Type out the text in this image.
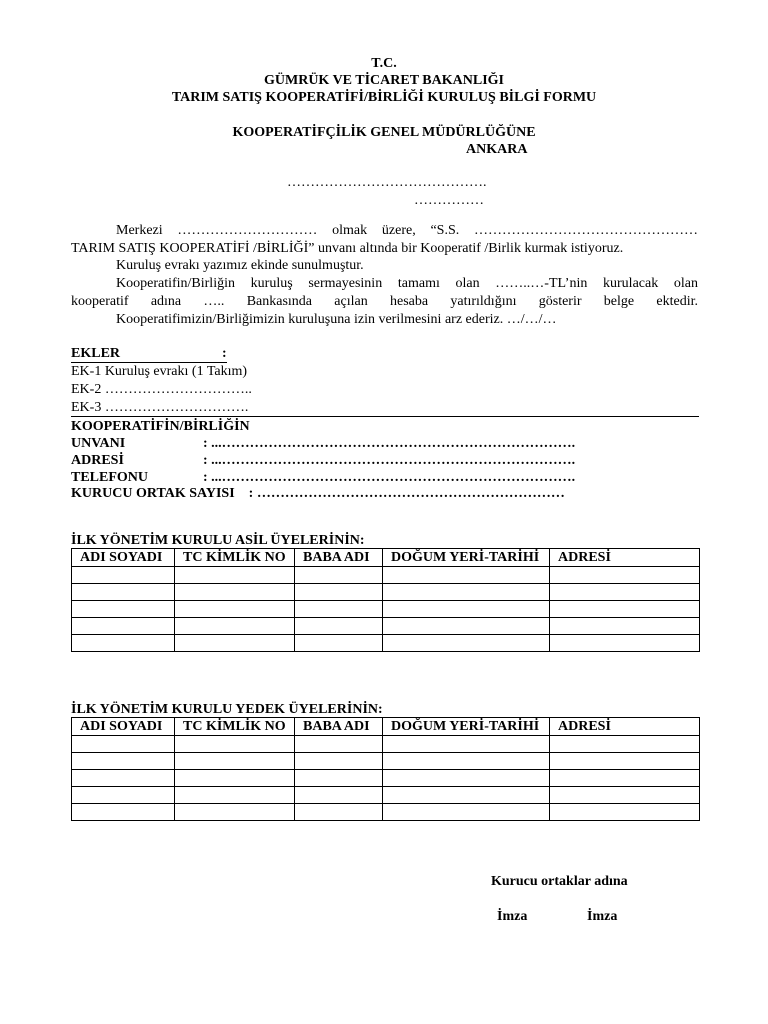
T.C.
GÜMRÜK VE TİCARET BAKANLIĞI
TARIM SATIŞ KOOPERATİFİ/BİRLİĞİ KURULUŞ BİLGİ FORMU
KOOPERATİFÇİLİK GENEL MÜDÜRLÜĞÜNE
ANKARA
…………………………………….
……………
Merkezi ………………………… olmak üzere, “S.S. …………………………………………
TARIM SATIŞ KOOPERATİFİ /BİRLİĞİ” unvanı altında bir Kooperatif /Birlik kurmak istiyoruz.
Kuruluş evrakı yazımız ekinde sunulmuştur.
Kooperatifin/Birliğin kuruluş sermayesinin tamamı olan ……..…-TL’nin kurulacak olan
kooperatif adına ….. Bankasında açılan hesaba yatırıldığını gösterir belge ektedir.
Kooperatifimizin/Birliğimizin kuruluşuna izin verilmesini arz ederiz. …/…/…
EKLER	:
EK-1 Kuruluş evrakı (1 Takım)
EK-2 …………………………..
EK-3 ………………………….
KOOPERATİFİN/BİRLİĞİN
UNVANI	: ...………………………………………………………………….
ADRESİ	: ...………………………………………………………………….
TELEFONU	: ...………………………………………………………………….
KURUCU ORTAK SAYISI    : …………………………………………………………
İLK YÖNETİM KURULU ASİL ÜYELERİNİN:
ADI SOYADI	TC KİMLİK NO	BABA ADI	DOĞUM YERİ-TARİHİ	ADRESİ

İLK YÖNETİM KURULU YEDEK ÜYELERİNİN:
ADI SOYADI	TC KİMLİK NO	BABA ADI	DOĞUM YERİ-TARİHİ	ADRESİ

Kurucu ortaklar adına
İmza	İmza
